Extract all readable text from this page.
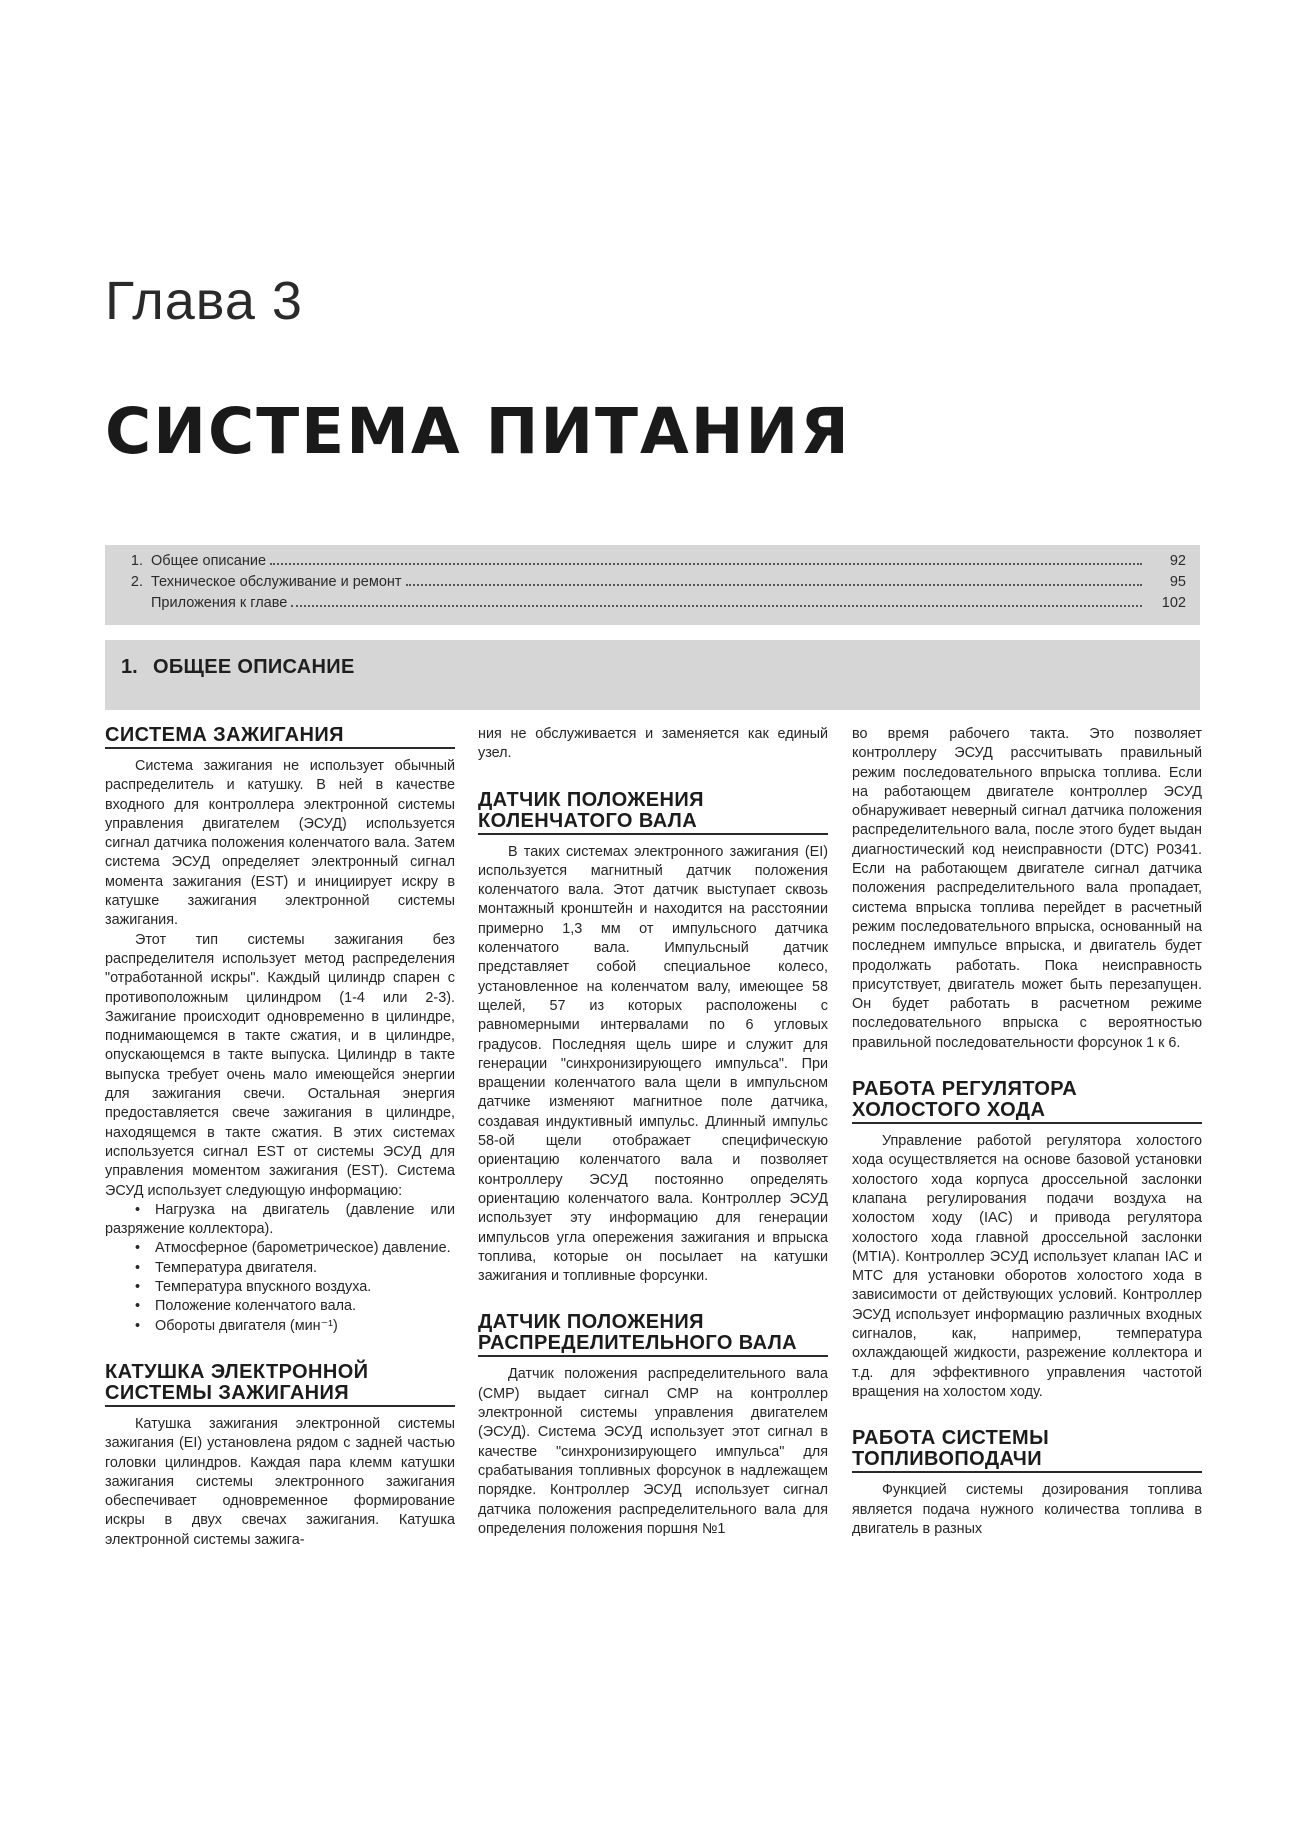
Глава 3
СИСТЕМА ПИТАНИЯ
1. Общее описание	92
2. Техническое обслуживание и ремонт	95
Приложения к главе	102
1. ОБЩЕЕ ОПИСАНИЕ
СИСТЕМА ЗАЖИГАНИЯ

Система зажигания не использует обычный распределитель и катушку. В ней в качестве входного для контроллера электронной системы управления двигателем (ЭСУД) используется сигнал датчика положения коленчатого вала. Затем система ЭСУД определяет электронный сигнал момента зажигания (EST) и инициирует искру в катушке зажигания электронной системы зажигания.

Этот тип системы зажигания без распределителя использует метод распределения "отработанной искры". Каждый цилиндр спарен с противоположным цилиндром (1-4 или 2-3). Зажигание происходит одновременно в цилиндре, поднимающемся в такте сжатия, и в цилиндре, опускающемся в такте выпуска. Цилиндр в такте выпуска требует очень мало имеющейся энергии для зажигания свечи. Остальная энергия предоставляется свече зажигания в цилиндре, находящемся в такте сжатия. В этих системах используется сигнал EST от системы ЭСУД для управления моментом зажигания (EST). Система ЭСУД использует следующую информацию:

•	Нагрузка на двигатель (давление или разряжение коллектора).
•	Атмосферное (барометрическое) давление.
•	Температура двигателя.
•	Температура впускного воздуха.
•	Положение коленчатого вала.
•	Обороты двигателя (мин⁻¹)
КАТУШКА ЭЛЕКТРОННОЙ СИСТЕМЫ ЗАЖИГАНИЯ

Катушка зажигания электронной системы зажигания (EI) установлена рядом с задней частью головки цилиндров. Каждая пара клемм катушки зажигания системы электронного зажигания обеспечивает одновременное формирование искры в двух свечах зажигания. Катушка электронной системы зажига-

ния не обслуживается и заменяется как единый узел.

ДАТЧИК ПОЛОЖЕНИЯ КОЛЕНЧАТОГО ВАЛА

В таких системах электронного зажигания (EI) используется магнитный датчик положения коленчатого вала. Этот датчик выступает сквозь монтажный кронштейн и находится на расстоянии примерно 1,3 мм от импульсного датчика коленчатого вала. Импульсный датчик представляет собой специальное колесо, установленное на коленчатом валу, имеющее 58 щелей, 57 из которых расположены с равномерными интервалами по 6 угловых градусов. Последняя щель шире и служит для генерации "синхронизирующего импульса". При вращении коленчатого вала щели в импульсном датчике изменяют магнитное поле датчика, создавая индуктивный импульс. Длинный импульс 58-ой щели отображает специфическую ориентацию коленчатого вала и позволяет контроллеру ЭСУД постоянно определять ориентацию коленчатого вала. Контроллер ЭСУД использует эту информацию для генерации импульсов угла опережения зажигания и впрыска топлива, которые он посылает на катушки зажигания и топливные форсунки.

ДАТЧИК ПОЛОЖЕНИЯ РАСПРЕДЕЛИТЕЛЬНОГО ВАЛА

Датчик положения распределительного вала (CMP) выдает сигнал CMP на контроллер электронной системы управления двигателем (ЭСУД). Система ЭСУД использует этот сигнал в качестве "синхронизирующего импульса" для срабатывания топливных форсунок в надлежащем порядке. Контроллер ЭСУД использует сигнал датчика положения распределительного вала для определения положения поршня №1

во время рабочего такта. Это позволяет контроллеру ЭСУД рассчитывать правильный режим последовательного впрыска топлива. Если на работающем двигателе контроллер ЭСУД обнаруживает неверный сигнал датчика положения распределительного вала, после этого будет выдан диагностический код неисправности (DTC) P0341. Если на работающем двигателе сигнал датчика положения распределительного вала пропадает, система впрыска топлива перейдет в расчетный режим последовательного впрыска, основанный на последнем импульсе впрыска, и двигатель будет продолжать работать. Пока неисправность присутствует, двигатель может быть перезапущен. Он будет работать в расчетном режиме последовательного впрыска с вероятностью правильной последовательности форсунок 1 к 6.

РАБОТА РЕГУЛЯТОРА ХОЛОСТОГО ХОДА

Управление работой регулятора холостого хода осуществляется на основе базовой установки холостого хода корпуса дроссельной заслонки клапана регулирования подачи воздуха на холостом ходу (IAC) и привода регулятора холостого хода главной дроссельной заслонки (MTIA). Контроллер ЭСУД использует клапан IAC и MTC для установки оборотов холостого хода в зависимости от действующих условий. Контроллер ЭСУД использует информацию различных входных сигналов, как, например, температура охлаждающей жидкости, разрежение коллектора и т.д. для эффективного управления частотой вращения на холостом ходу.

РАБОТА СИСТЕМЫ ТОПЛИВОПОДАЧИ

Функцией системы дозирования топлива является подача нужного количества топлива в двигатель в разных
